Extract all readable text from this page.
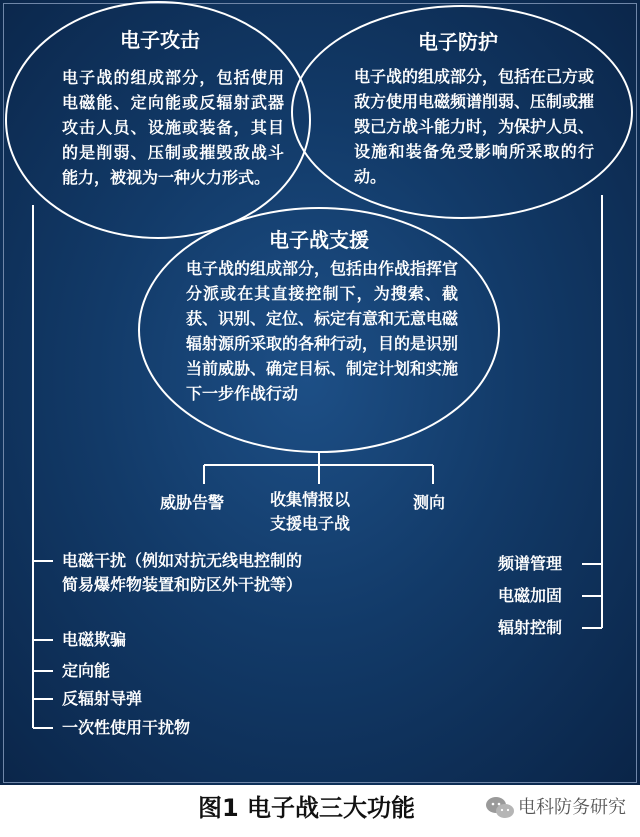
电子攻击
电子战的组成部分，包括使用电磁能、定向能或反辐射武器攻击人员、设施或装备，其目的是削弱、压制或摧毁敌战斗能力，被视为一种火力形式。
电子防护
电子战的组成部分，包括在己方或敌方使用电磁频谱削弱、压制或摧毁己方战斗能力时，为保护人员、设施和装备免受影响所采取的行动。
电子战支援
电子战的组成部分，包括由作战指挥官分派或在其直接控制下，为搜索、截获、识别、定位、标定有意和无意电磁辐射源所采取的各种行动，目的是识别当前威胁、确定目标、制定计划和实施下一步作战行动
威胁告警	收集情报以
支援电子战
测向
电磁干扰（例如对抗无线电控制的
简易爆炸物装置和防区外干扰等）
电磁欺骗
定向能
反辐射导弹
一次性使用干扰物
频谱管理
电磁加固
辐射控制
图1 电子战三大功能	电科防务研究
